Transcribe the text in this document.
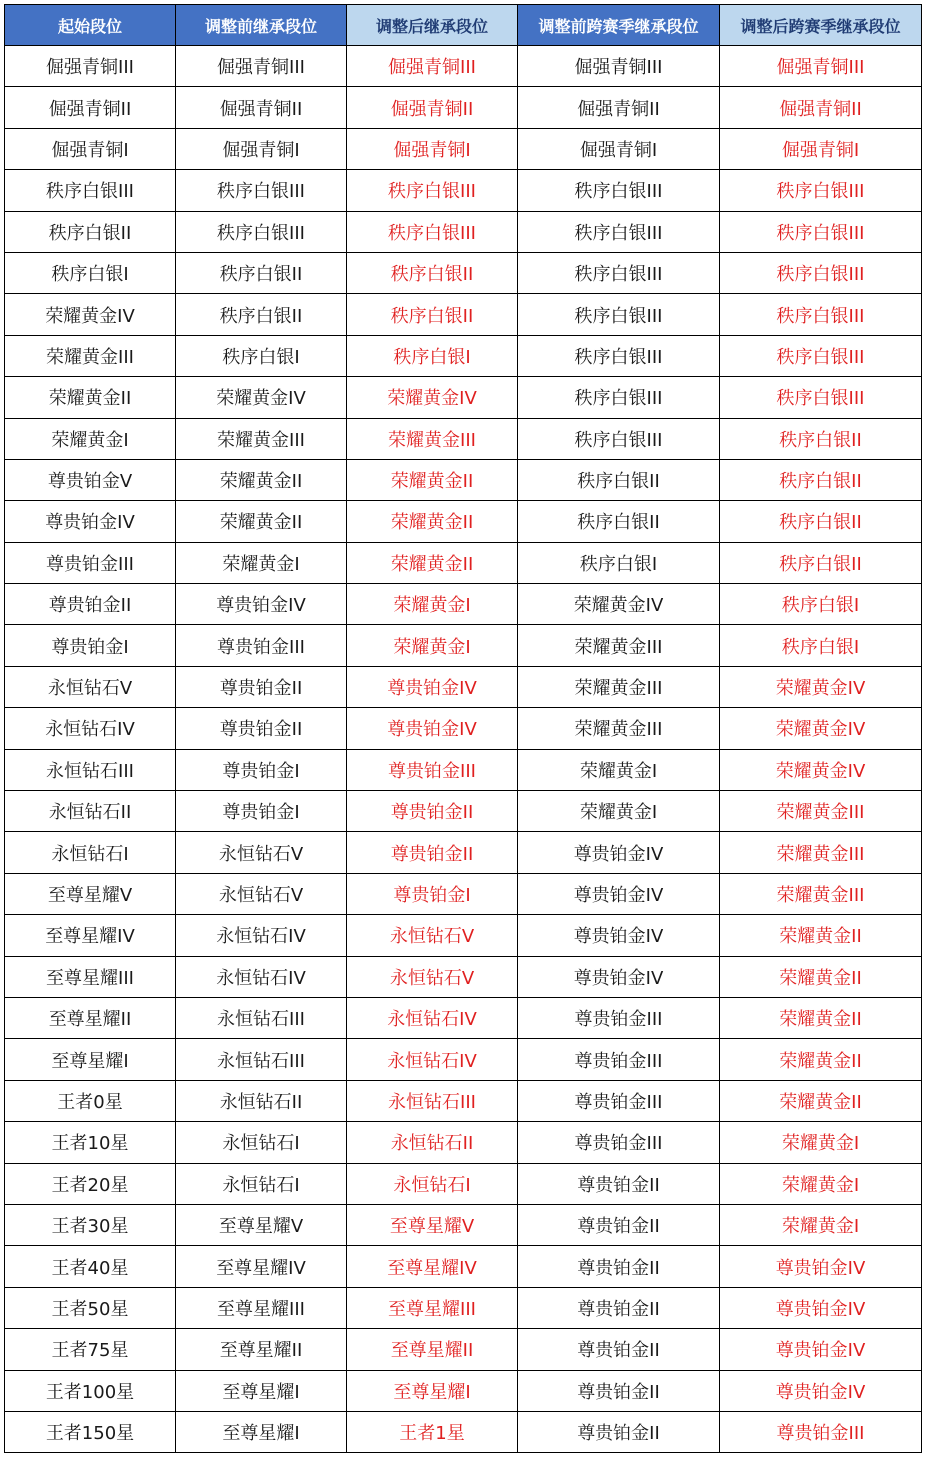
起始段位	调整前继承段位	调整后继承段位	调整前跨赛季继承段位	调整后跨赛季继承段位
倔强青铜III	倔强青铜III	倔强青铜III	倔强青铜III	倔强青铜III
倔强青铜II	倔强青铜II	倔强青铜II	倔强青铜II	倔强青铜II
倔强青铜I	倔强青铜I	倔强青铜I	倔强青铜I	倔强青铜I
秩序白银III	秩序白银III	秩序白银III	秩序白银III	秩序白银III
秩序白银II	秩序白银III	秩序白银III	秩序白银III	秩序白银III
秩序白银I	秩序白银II	秩序白银II	秩序白银III	秩序白银III
荣耀黄金IV	秩序白银II	秩序白银II	秩序白银III	秩序白银III
荣耀黄金III	秩序白银I	秩序白银I	秩序白银III	秩序白银III
荣耀黄金II	荣耀黄金IV	荣耀黄金IV	秩序白银III	秩序白银III
荣耀黄金I	荣耀黄金III	荣耀黄金III	秩序白银III	秩序白银II
尊贵铂金V	荣耀黄金II	荣耀黄金II	秩序白银II	秩序白银II
尊贵铂金IV	荣耀黄金II	荣耀黄金II	秩序白银II	秩序白银II
尊贵铂金III	荣耀黄金I	荣耀黄金II	秩序白银I	秩序白银II
尊贵铂金II	尊贵铂金IV	荣耀黄金I	荣耀黄金IV	秩序白银I
尊贵铂金I	尊贵铂金III	荣耀黄金I	荣耀黄金III	秩序白银I
永恒钻石V	尊贵铂金II	尊贵铂金IV	荣耀黄金III	荣耀黄金IV
永恒钻石IV	尊贵铂金II	尊贵铂金IV	荣耀黄金III	荣耀黄金IV
永恒钻石III	尊贵铂金I	尊贵铂金III	荣耀黄金I	荣耀黄金IV
永恒钻石II	尊贵铂金I	尊贵铂金II	荣耀黄金I	荣耀黄金III
永恒钻石I	永恒钻石V	尊贵铂金II	尊贵铂金IV	荣耀黄金III
至尊星耀V	永恒钻石V	尊贵铂金I	尊贵铂金IV	荣耀黄金III
至尊星耀IV	永恒钻石IV	永恒钻石V	尊贵铂金IV	荣耀黄金II
至尊星耀III	永恒钻石IV	永恒钻石V	尊贵铂金IV	荣耀黄金II
至尊星耀II	永恒钻石III	永恒钻石IV	尊贵铂金III	荣耀黄金II
至尊星耀I	永恒钻石III	永恒钻石IV	尊贵铂金III	荣耀黄金II
王者0星	永恒钻石II	永恒钻石III	尊贵铂金III	荣耀黄金II
王者10星	永恒钻石I	永恒钻石II	尊贵铂金III	荣耀黄金I
王者20星	永恒钻石I	永恒钻石I	尊贵铂金II	荣耀黄金I
王者30星	至尊星耀V	至尊星耀V	尊贵铂金II	荣耀黄金I
王者40星	至尊星耀IV	至尊星耀IV	尊贵铂金II	尊贵铂金IV
王者50星	至尊星耀III	至尊星耀III	尊贵铂金II	尊贵铂金IV
王者75星	至尊星耀II	至尊星耀II	尊贵铂金II	尊贵铂金IV
王者100星	至尊星耀I	至尊星耀I	尊贵铂金II	尊贵铂金IV
王者150星	至尊星耀I	王者1星	尊贵铂金II	尊贵铂金III
